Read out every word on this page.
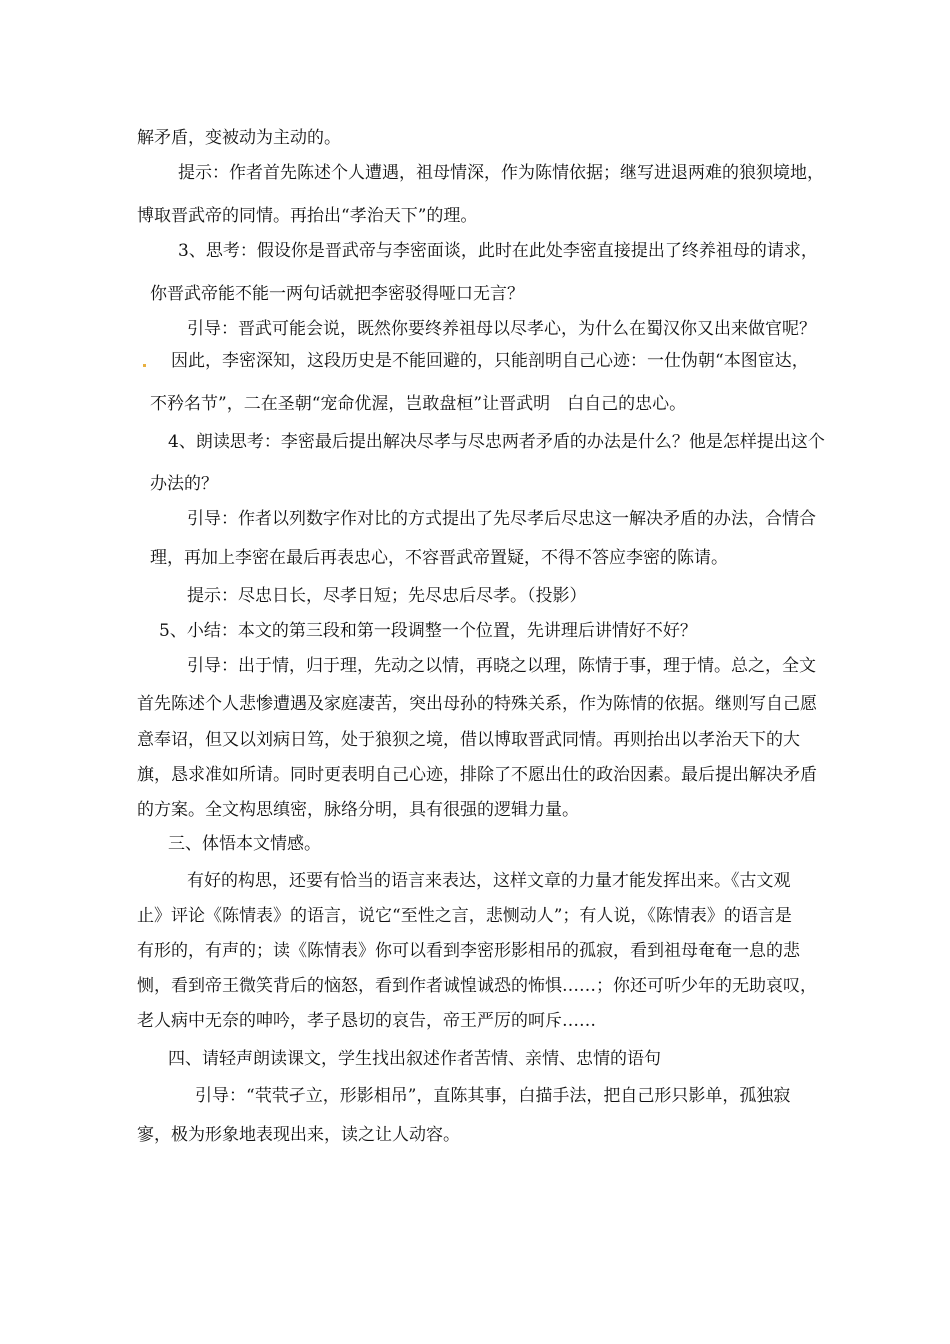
解矛盾，变被动为主动的。
提示：作者首先陈述个人遭遇，祖母情深，作为陈情依据；继写进退两难的狼狈境地，
博取晋武帝的同情。再抬出“孝治天下”的理。
3、思考：假设你是晋武帝与李密面谈，此时在此处李密直接提出了终养祖母的请求，
你晋武帝能不能一两句话就把李密驳得哑口无言？
引导：晋武可能会说，既然你要终养祖母以尽孝心，为什么在蜀汉你又出来做官呢？
因此，李密深知，这段历史是不能回避的，只能剖明自己心迹：一仕伪朝“本图宦达，
不矜名节”，二在圣朝“宠命优渥，岂敢盘桓”让晋武明　白自己的忠心。
4、朗读思考：李密最后提出解决尽孝与尽忠两者矛盾的办法是什么？他是怎样提出这个
办法的？
引导：作者以列数字作对比的方式提出了先尽孝后尽忠这一解决矛盾的办法，合情合
理，再加上李密在最后再表忠心，不容晋武帝置疑，不得不答应李密的陈请。
提示：尽忠日长，尽孝日短；先尽忠后尽孝。（投影）
5、小结：本文的第三段和第一段调整一个位置，先讲理后讲情好不好？
引导：出于情，归于理，先动之以情，再晓之以理，陈情于事，理于情。总之，全文
首先陈述个人悲惨遭遇及家庭凄苦，突出母孙的特殊关系，作为陈情的依据。继则写自己愿
意奉诏，但又以刘病日笃，处于狼狈之境，借以博取晋武同情。再则抬出以孝治天下的大
旗，恳求准如所请。同时更表明自己心迹，排除了不愿出仕的政治因素。最后提出解决矛盾
的方案。全文构思缜密，脉络分明，具有很强的逻辑力量。
三、体悟本文情感。
有好的构思，还要有恰当的语言来表达，这样文章的力量才能发挥出来。《古文观
止》评论《陈情表》的语言，说它“至性之言，悲恻动人”；有人说，《陈情表》的语言是
有形的，有声的；读《陈情表》你可以看到李密形影相吊的孤寂，看到祖母奄奄一息的悲
恻，看到帝王微笑背后的恼怒，看到作者诚惶诚恐的怖惧……；你还可听少年的无助哀叹，
老人病中无奈的呻吟，孝子恳切的哀告，帝王严厉的呵斥……
四、请轻声朗读课文，学生找出叙述作者苦情、亲情、忠情的语句
引导：“茕茕孑立，形影相吊”，直陈其事，白描手法，把自己形只影单，孤独寂
寥，极为形象地表现出来，读之让人动容。
